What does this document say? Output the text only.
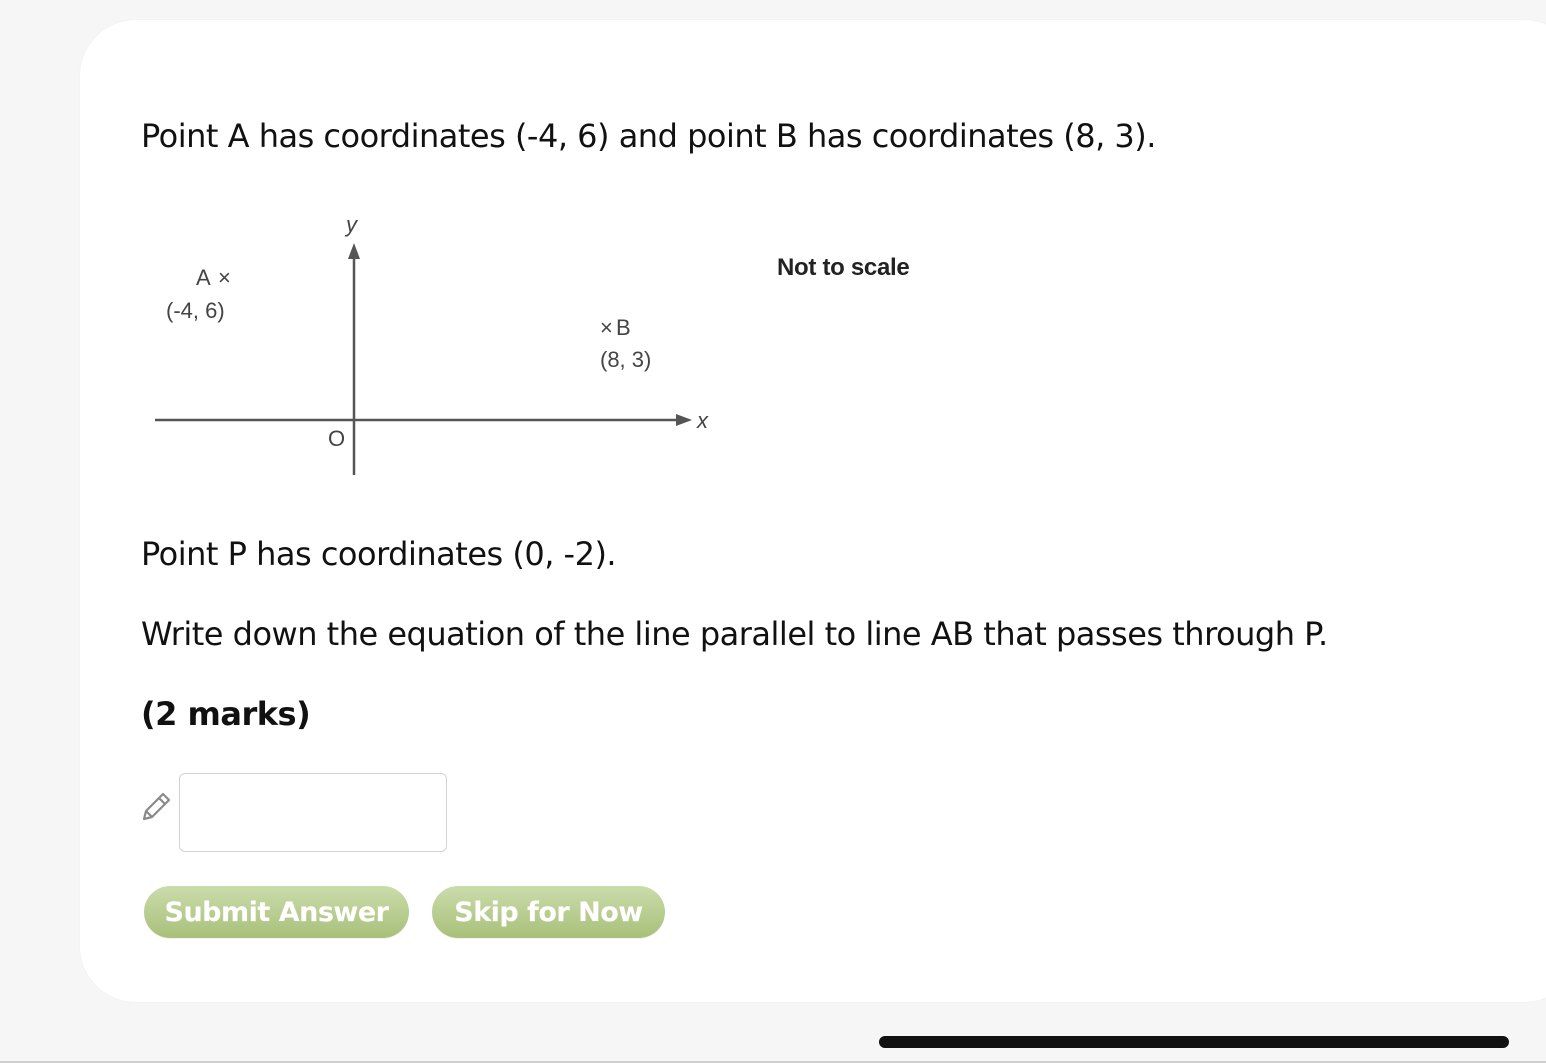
Point A has coordinates (-4, 6) and point B has coordinates (8, 3).

y
x
O
A ×
(-4, 6)
× B
(8, 3)
Not to scale

Point P has coordinates (0, -2).

Write down the equation of the line parallel to line AB that passes through P.

(2 marks)

Submit Answer	Skip for Now
